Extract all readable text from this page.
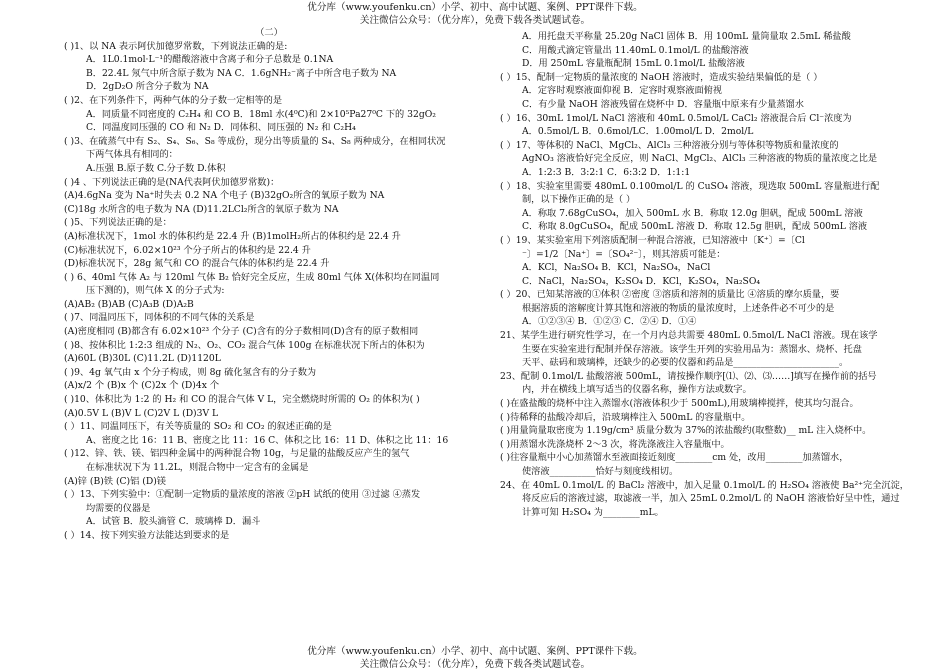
优分库（www.youfenku.cn）小学、初中、高中试题、案例、PPT课件下载。
关注微信公众号：（优分库），免费下载各类试题试卷。
（二）
( )1、以 NA 表示阿伏加德罗常数，下列说法正确的是:
A．1L0.1mol·L⁻¹的醋酸溶液中含离子和分子总数是 0.1NA
B．22.4L 氖气中所含原子数为 NA C．1.6gNH₂⁻离子中所含电子数为 NA
D．2gD₂O 所含分子数为 NA
( )2、在下列条件下，两种气体的分子数一定相等的是
A．同质量不同密度的 C₂H₄ 和 CO B．18ml 水(4⁰C)和 2×10⁵Pa27⁰C 下的 32gO₂
C．同温度同压强的 CO 和 N₂ D．同体积、同压强的 N₂ 和 C₂H₄
( )3、在硫蒸气中有 S₂、S₄、S₆、S₈ 等成份，现分出等质量的 S₄、S₈ 两种成分，在相同状况
下两气体具有相同的：
A.压强 B.原子数 C.分子数 D.体积
( )4 、下列说法正确的是(NA代表阿伏加德罗常数)：
(A)4.6gNa 变为 Na⁺时失去 0.2 NA 个电子 (B)32gO₂所含的氧原子数为 NA
(C)18g 水所含的电子数为 NA (D)11.2LCl₂所含的氧原子数为 NA
( )5、下列说法正确的是：
(A)标准状况下，1mol 水的体积约是 22.4 升 (B)1molH₂所占的体积约是 22.4 升
(C)标准状况下，6.02×10²³ 个分子所占的体积约是 22.4 升
(D)标准状况下，28g 氮气和 CO 的混合气体的体积约是 22.4 升
( ) 6、40ml 气体 A₂ 与 120ml 气体 B₂ 恰好完全反应，生成 80ml 气体 X(体积均在同温同
压下测的)，则气体 X 的分子式为:
(A)AB₂ (B)AB (C)A₃B (D)A₂B
( )7、同温同压下，同体积的不同气体的关系是
(A)密度相同 (B)都含有 6.02×10²³ 个分子 (C)含有的分子数相同(D)含有的原子数相同
( )8、按体积比 1:2:3 组成的 N₂、O₂、CO₂ 混合气体 100g 在标准状况下所占的体积为
(A)60L (B)30L (C)11.2L (D)1120L
( )9、4g 氧气由 x 个分子构成，则 8g 硫化氢含有的分子数为
(A)x/2 个 (B)x 个 (C)2x 个 (D)4x 个
( )10、体积比为 1:2 的 H₂ 和 CO 的混合气体 V L，完全燃烧时所需的 O₂ 的体积为( )
(A)0.5V L (B)V L (C)2V L (D)3V L
( ）11、同温同压下，有关等质量的 SO₂ 和 CO₂ 的叙述正确的是
A、密度之比 16：11 B、密度之比 11：16 C、体积之比 16：11 D、体积之比 11：16
( )12、锌、铁、镁、铝四种金属中的两种混合物 10g，与足量的盐酸反应产生的氢气
在标准状况下为 11.2L，则混合物中一定含有的金属是
(A)锌 (B)铁 (C)铝 (D)镁
( ）13、下列实验中：①配制一定物质的量浓度的溶液 ②pH 试纸的使用 ③过滤 ④蒸发
均需要的仪器是
A．试管 B．胶头滴管 C．玻璃棒 D．漏斗
( ）14、按下列实验方法能达到要求的是
A．用托盘天平称量 25.20g NaCl 固体 B．用 100mL 量筒量取 2.5mL 稀盐酸
C．用酸式滴定管量出 11.40mL 0.1mol/L 的盐酸溶液
D．用 250mL 容量瓶配制 15mL 0.1mol/L 盐酸溶液
( ）15、配制一定物质的量浓度的 NaOH 溶液时，造成实验结果偏低的是（ ）
A．定容时观察液面仰视 B．定容时观察液面俯视
C．有少量 NaOH 溶液残留在烧杯中 D．容量瓶中原来有少量蒸馏水
( ）16、30mL 1mol/L NaCl 溶液和 40mL 0.5mol/L CaCl₂ 溶液混合后 Cl⁻浓度为
A．0.5mol/L B．0.6mol/LC．1.00mol/L D．2mol/L
( ）17、等体积的 NaCl、MgCl₂、AlCl₃ 三种溶液分别与等体积等物质和量浓度的
AgNO₃ 溶液恰好完全反应，则 NaCl、MgCl₂、AlCl₃ 三种溶液的物质的量浓度之比是
A．1:2:3 B．3:2:1 C．6:3:2 D．1:1:1
( ）18、实验室里需要 480mL 0.100mol/L 的 CuSO₄ 溶液，现选取 500mL 容量瓶进行配
制，以下操作正确的是（ ）
A．称取 7.68gCuSO₄，加入 500mL 水 B．称取 12.0g 胆矾，配成 500mL 溶液
C．称取 8.0gCuSO₄，配成 500mL 溶液 D．称取 12.5g 胆矾，配成 500mL 溶液
( ）19、某实验室用下列溶质配制一种混合溶液，已知溶液中〔K⁺〕=〔Cl
⁻〕=1/2〔Na⁺〕=〔SO₄²⁻〕，则其溶质可能是：
A．KCl，Na₂SO₄ B．KCl，Na₂SO₄，NaCl
C．NaCl，Na₂SO₄，K₂SO₄ D．KCl，K₂SO₄，Na₂SO₄
( ）20、已知某溶液的①体积 ②密度 ③溶质和溶剂的质量比 ④溶质的摩尔质量，要
根据溶质的溶解度计算其饱和溶液的物质的量浓度时，上述条件必不可少的是
A．①②③④ B．①②③ C．②④ D．①④
21、某学生进行研究性学习，在一个月内总共需要 480mL 0.5mol/L NaCl 溶液。现在该学
生要在实验室进行配制并保存溶液。该学生开列的实验用品为：蒸馏水、烧杯、托盘
天平、砝码和玻璃棒，还缺少的必要的仪器和药品是_______________________。
23、配制 0.1mol/L 盐酸溶液 500mL，请按操作顺序[⑴、⑵、⑶……]填写在操作前的括号
内，并在横线上填写适当的仪器名称，操作方法或数字。
( )在盛盐酸的烧杯中注入蒸馏水(溶液体积少于 500mL),用玻璃棒搅拌，使其均匀混合。
( )待稀释的盐酸冷却后，沿玻璃棒注入 500mL 的容量瓶中。
( )用量筒量取密度为 1.19g/cm³ 质量分数为 37%的浓盐酸约(取整数)__ mL 注入烧杯中。
( )用蒸馏水洗涤烧杯 2～3 次，将洗涤液注入容量瓶中。
( )往容量瓶中小心加蒸馏水至液面接近刻度________cm 处，改用________加蒸馏水，
使溶液__________恰好与刻度线相切。
24、在 40mL 0.1mol/L 的 BaCl₂ 溶液中，加入足量 0.1mol/L 的 H₂SO₄ 溶液使 Ba²⁺完全沉淀，
将反应后的溶液过滤，取滤液一半，加入 25mL 0.2mol/L 的 NaOH 溶液恰好呈中性，通过
计算可知 H₂SO₄ 为________mL。
优分库（www.youfenku.cn）小学、初中、高中试题、案例、PPT课件下载。
关注微信公众号：（优分库），免费下载各类试题试卷。
